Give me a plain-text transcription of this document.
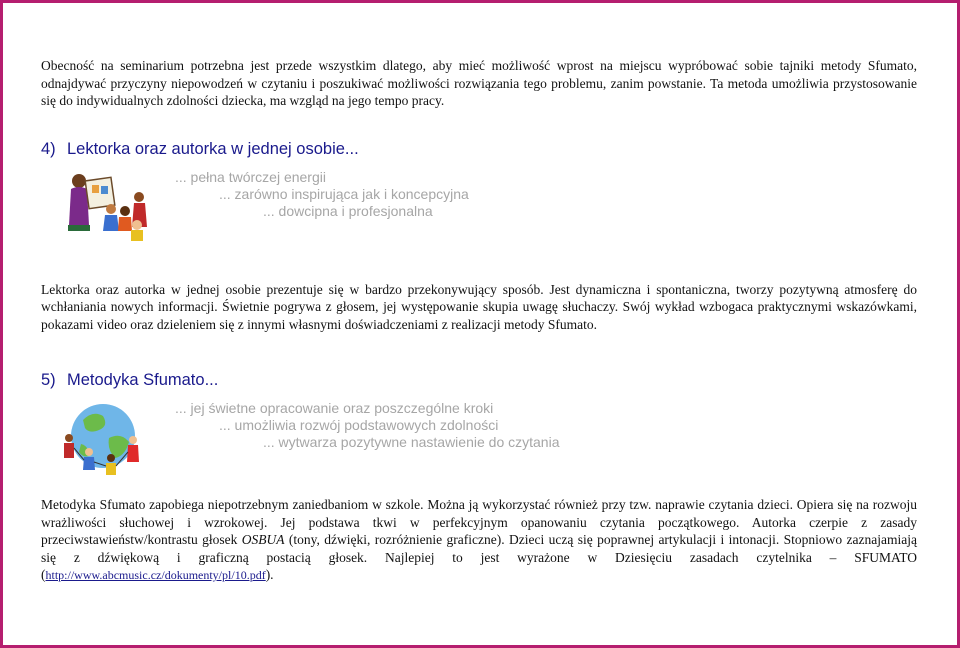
Obecność na seminarium potrzebna jest przede wszystkim dlatego, aby mieć możliwość wprost na miejscu wypróbować sobie tajniki metody Sfumato, odnajdywać przyczyny niepowodzeń w czytaniu i poszukiwać możliwości rozwiązania tego problemu, zanim powstanie. Ta metoda umożliwia przystosowanie się do indywidualnych zdolności dziecka, ma wzgląd na jego tempo pracy.

4) Lektorka oraz autorka w jednej osobie...
... pełna twórczej energii
... zarówno inspirująca jak i koncepcyjna
... dowcipna i profesjonalna

Lektorka oraz autorka w jednej osobie prezentuje się w bardzo przekonywujący sposób. Jest dynamiczna i spontaniczna, tworzy pozytywną atmosferę do wchłaniania nowych informacji. Świetnie pogrywa z głosem, jej występowanie skupia uwagę słuchaczy. Swój wykład wzbogaca praktycznymi wskazówkami, pokazami video oraz dzieleniem się z innymi własnymi doświadczeniami z realizacji metody Sfumato.

5) Metodyka Sfumato...
... jej świetne opracowanie oraz poszczególne kroki
... umożliwia rozwój podstawowych zdolności
... wytwarza pozytywne nastawienie do czytania

Metodyka Sfumato zapobiega niepotrzebnym zaniedbaniom w szkole. Można ją wykorzystać również przy tzw. naprawie czytania dzieci. Opiera się na rozwoju wrażliwości słuchowej i wzrokowej. Jej podstawa tkwi w perfekcyjnym opanowaniu czytania początkowego. Autorka czerpie z zasady przeciwstawieństw/kontrastu głosek OSBUA (tony, dźwięki, rozróżnienie graficzne). Dzieci uczą się poprawnej artykulacji i intonacji. Stopniowo zaznajamiają się z dźwiękową i graficzną postacią głosek. Najlepiej to jest wyrażone w Dziesięciu zasadach czytelnika – SFUMATO (http://www.abcmusic.cz/dokumenty/pl/10.pdf).
